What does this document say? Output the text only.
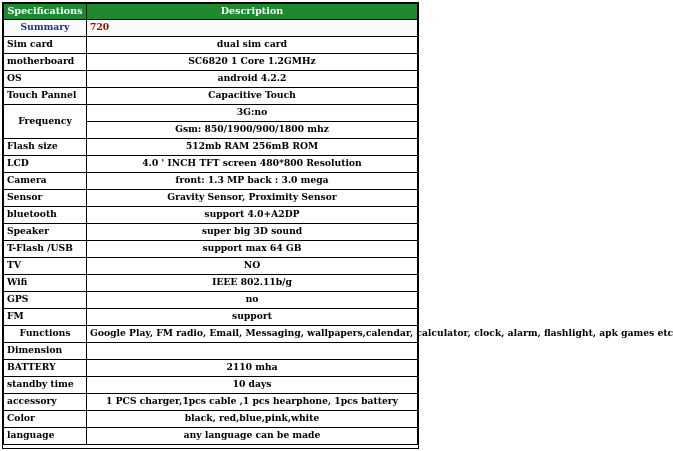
Specifications	Description
Summary	720
Sim card	dual sim card
motherboard	SC6820 1 Core 1.2GMHz
OS	android 4.2.2
Touch Pannel	Capacitive Touch
Frequency	3G:no
Gsm: 850/1900/900/1800 mhz

Flash size	512mb RAM 256mB ROM
LCD	4.0 ' INCH TFT screen 480*800 Resolution
Camera	front: 1.3 MP back : 3.0 mega
Sensor	Gravity Sensor, Proximity Sensor
bluetooth	support 4.0+A2DP
Speaker	super big 3D sound
T-Flash /USB	support max 64 GB
TV	NO
Wifi	IEEE 802.11b/g
GPS	no
FM	support
Functions	Google Play, FM radio, Email, Messaging, wallpapers,calendar, calculator, clock, alarm, flashlight, apk games etc
Dimension	
BATTERY	2110 mha
standby time	10 days
accessory	1 PCS charger,1pcs cable ,1 pcs hearphone, 1pcs battery
Color	black, red,blue,pink,white
language	any language can be made
